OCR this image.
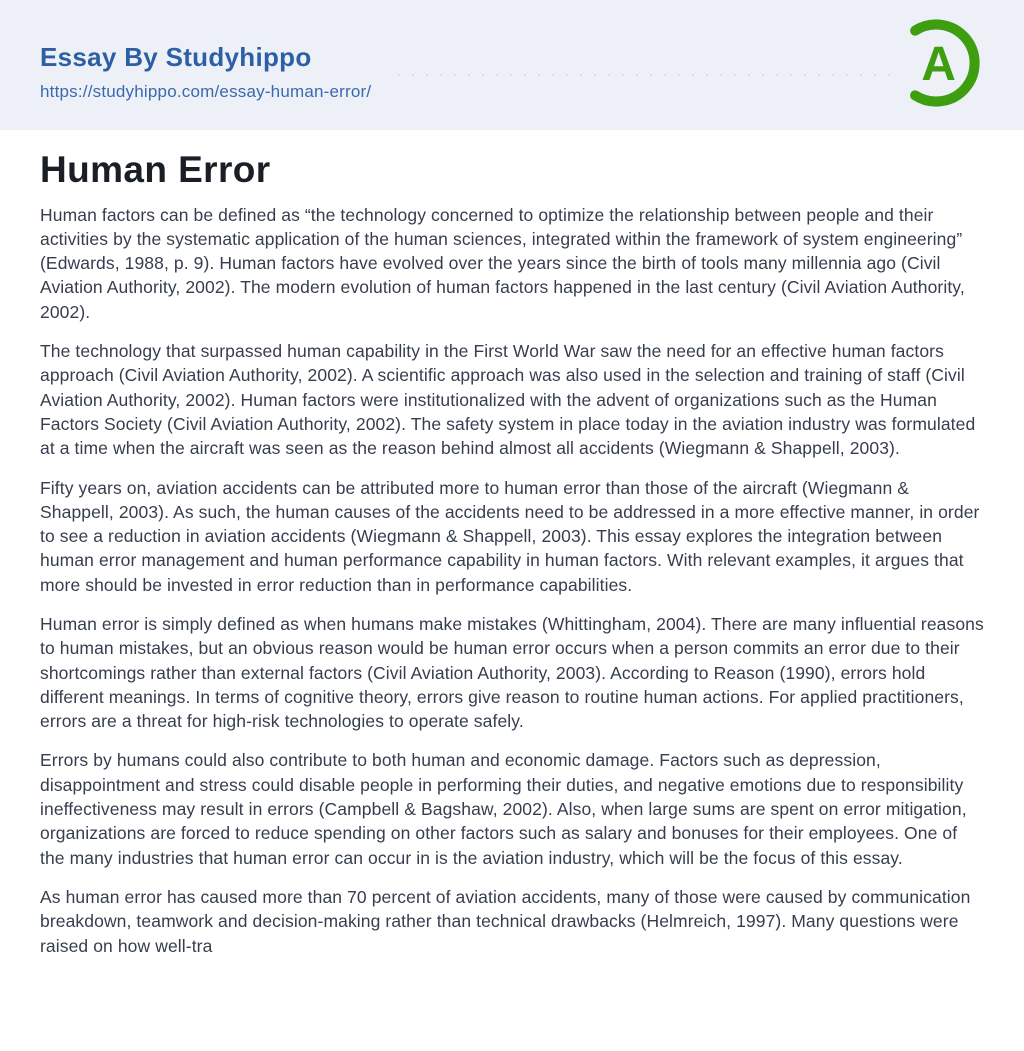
Essay By Studyhippo
https://studyhippo.com/essay-human-error/
A
Human Error

Human factors can be defined as “the technology concerned to optimize the relationship between people and their activities by the systematic application of the human sciences, integrated within the framework of system engineering” (Edwards, 1988, p. 9). Human factors have evolved over the years since the birth of tools many millennia ago (Civil Aviation Authority, 2002). The modern evolution of human factors happened in the last century (Civil Aviation Authority, 2002).

The technology that surpassed human capability in the First World War saw the need for an effective human factors approach (Civil Aviation Authority, 2002). A scientific approach was also used in the selection and training of staff (Civil Aviation Authority, 2002). Human factors were institutionalized with the advent of organizations such as the Human Factors Society (Civil Aviation Authority, 2002). The safety system in place today in the aviation industry was formulated at a time when the aircraft was seen as the reason behind almost all accidents (Wiegmann & Shappell, 2003).

Fifty years on, aviation accidents can be attributed more to human error than those of the aircraft (Wiegmann & Shappell, 2003). As such, the human causes of the accidents need to be addressed in a more effective manner, in order to see a reduction in aviation accidents (Wiegmann & Shappell, 2003). This essay explores the integration between human error management and human performance capability in human factors. With relevant examples, it argues that more should be invested in error reduction than in performance capabilities.

Human error is simply defined as when humans make mistakes (Whittingham, 2004). There are many influential reasons to human mistakes, but an obvious reason would be human error occurs when a person commits an error due to their shortcomings rather than external factors (Civil Aviation Authority, 2003). According to Reason (1990), errors hold different meanings. In terms of cognitive theory, errors give reason to routine human actions. For applied practitioners, errors are a threat for high-risk technologies to operate safely.

Errors by humans could also contribute to both human and economic damage. Factors such as depression, disappointment and stress could disable people in performing their duties, and negative emotions due to responsibility ineffectiveness may result in errors (Campbell & Bagshaw, 2002). Also, when large sums are spent on error mitigation, organizations are forced to reduce spending on other factors such as salary and bonuses for their employees. One of the many industries that human error can occur in is the aviation industry, which will be the focus of this essay.

As human error has caused more than 70 percent of aviation accidents, many of those were caused by communication breakdown, teamwork and decision-making rather than technical drawbacks (Helmreich, 1997). Many questions were raised on how well-tra
